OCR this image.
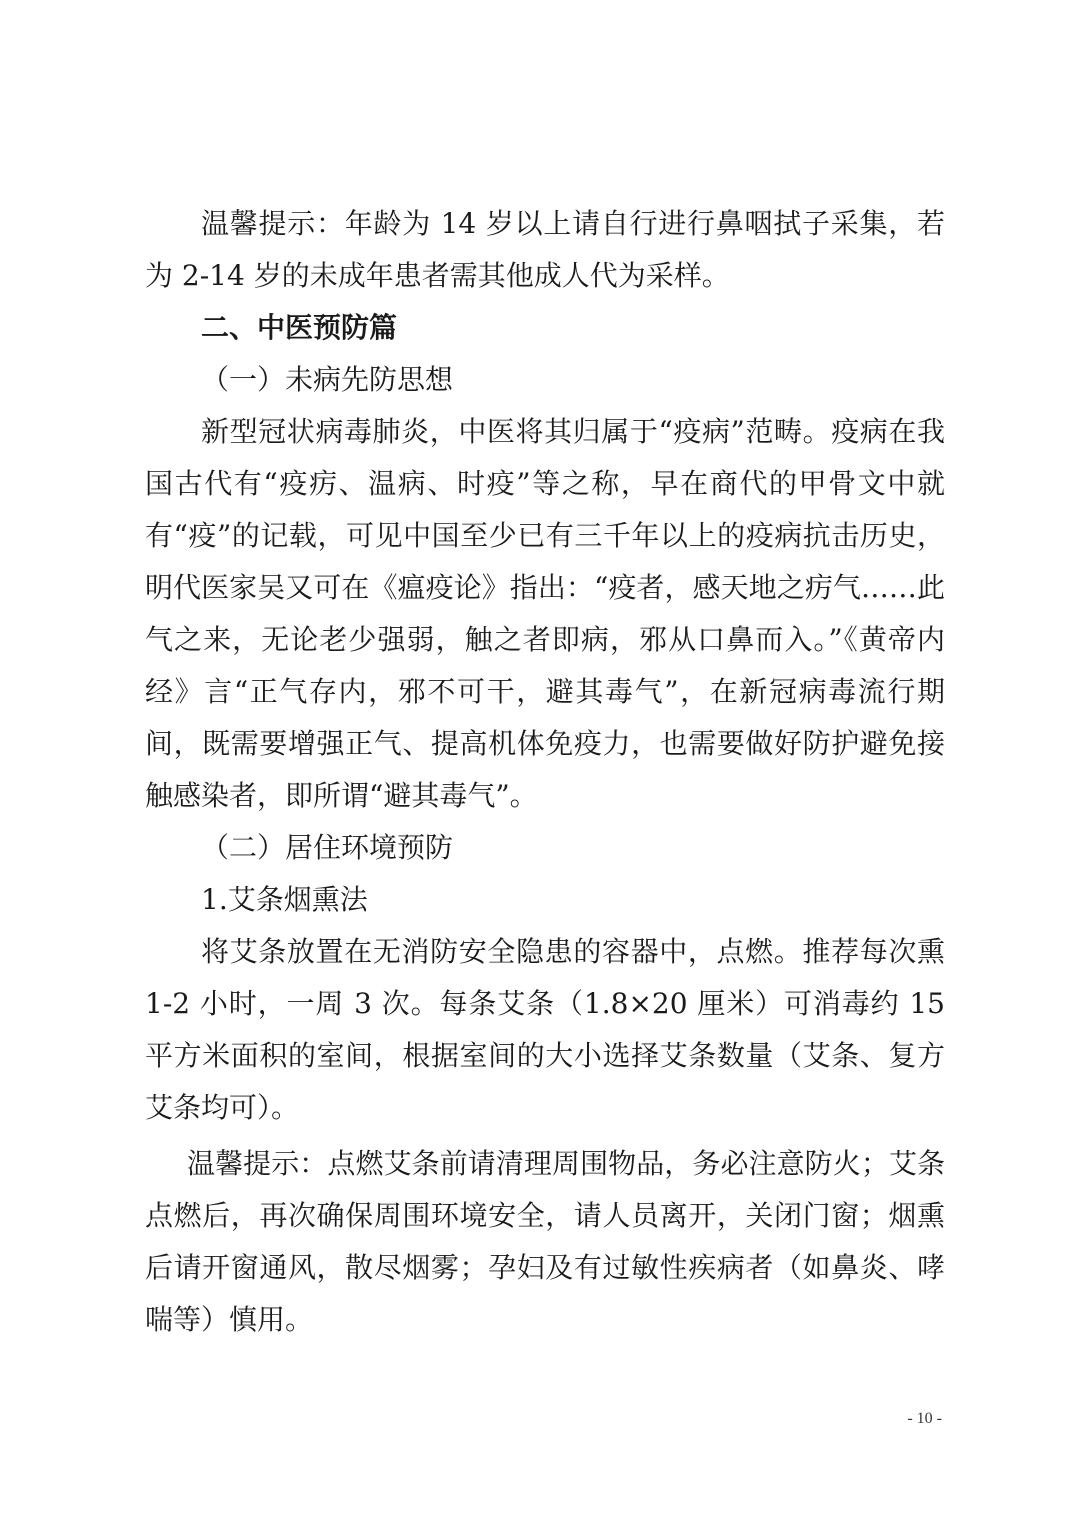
温馨提示：年龄为 14 岁以上请自行进行鼻咽拭子采集，若为 2-14 岁的未成年患者需其他成人代为采样。

二、中医预防篇

（一）未病先防思想

新型冠状病毒肺炎，中医将其归属于“疫病”范畴。疫病在我国古代有“疫疠、温病、时疫”等之称，早在商代的甲骨文中就有“疫”的记载，可见中国至少已有三千年以上的疫病抗击历史，明代医家吴又可在《瘟疫论》指出：“疫者，感天地之疠气……此气之来，无论老少强弱，触之者即病，邪从口鼻而入。”《黄帝内经》言“正气存内，邪不可干，避其毒气”，在新冠病毒流行期间，既需要增强正气、提高机体免疫力，也需要做好防护避免接触感染者，即所谓“避其毒气”。

（二）居住环境预防

1.艾条烟熏法

将艾条放置在无消防安全隐患的容器中，点燃。推荐每次熏 1-2 小时，一周 3 次。每条艾条（1.8×20 厘米）可消毒约 15 平方米面积的室间，根据室间的大小选择艾条数量（艾条、复方艾条均可）。

温馨提示：点燃艾条前请清理周围物品，务必注意防火；艾条点燃后，再次确保周围环境安全，请人员离开，关闭门窗；烟熏后请开窗通风，散尽烟雾；孕妇及有过敏性疾病者（如鼻炎、哮喘等）慎用。

- 10 -
